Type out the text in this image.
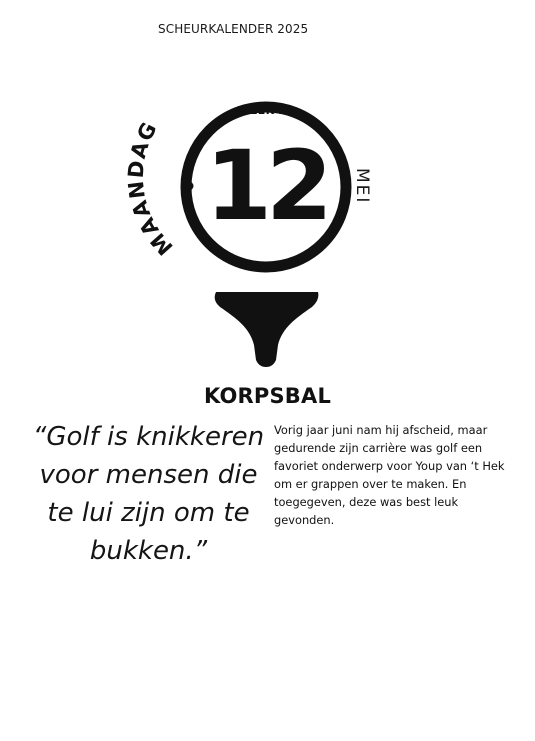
SCHEURKALENDER 2025
MAANDAG
WEEK 20
12	MEI
KORPSBAL
“Golf is knikkeren voor mensen die te lui zijn om te bukken.”

Vorig jaar juni nam hij afscheid, maar gedurende zijn carrière was golf een favoriet onderwerp voor Youp van ‘t Hek om er grappen over te maken. En toegegeven, deze was best leuk gevonden.
